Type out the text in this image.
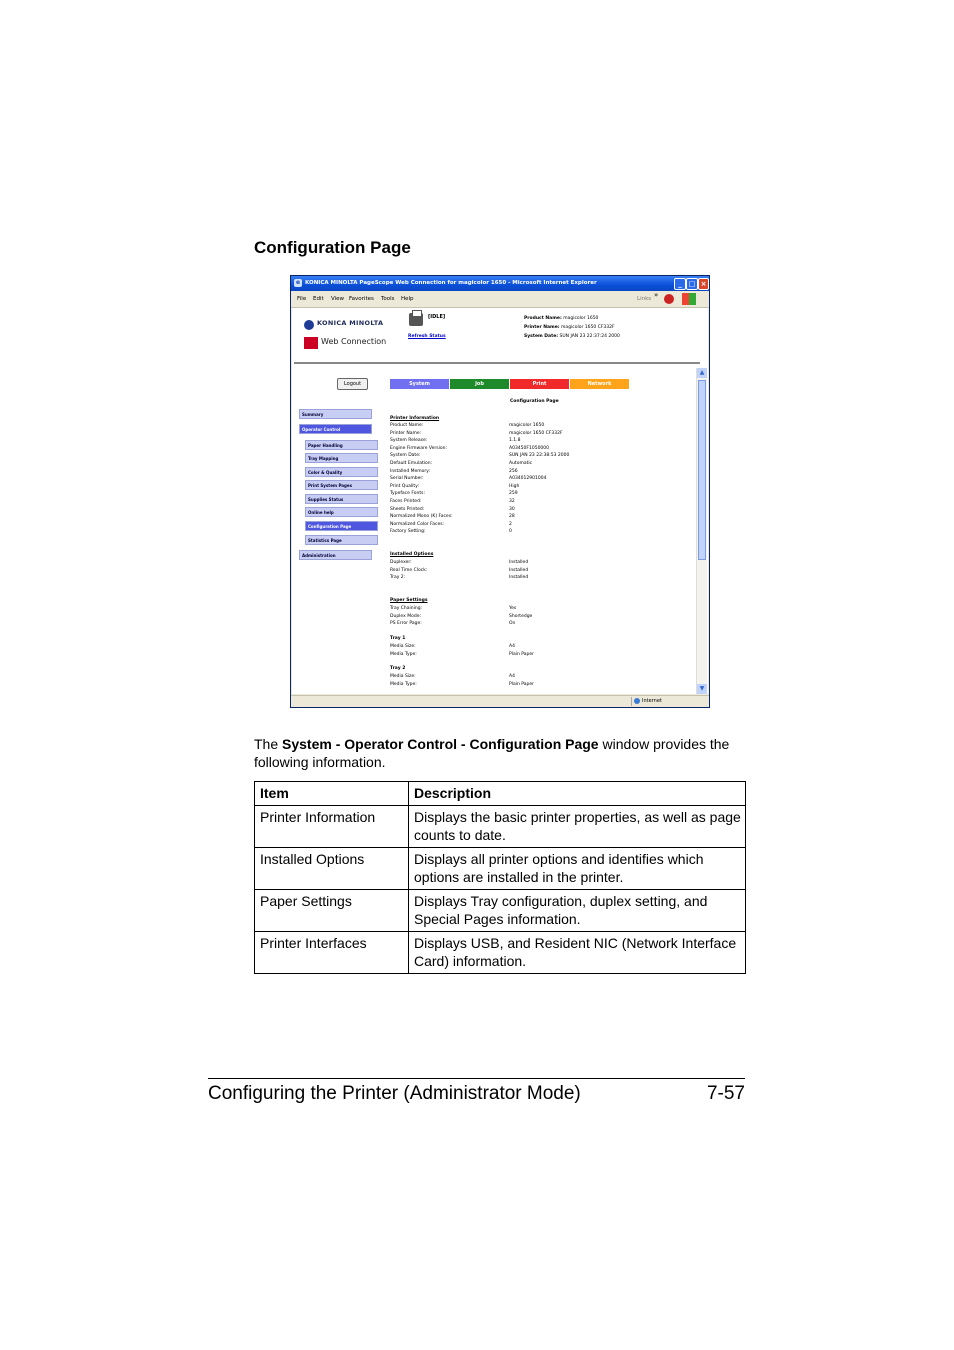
Configuration Page
e KONICA MINOLTA PageScope Web Connection for magicolor 1650 - Microsoft Internet Explorer	_ □ ×
File Edit View Favorites Tools Help	»
Links
KONICA MINOLTA
Web Connection
[IDLE]
Refresh Status
Product Name: magicolor 1650
Printer Name: magicolor 1650 CF332F
System Date: SUN JAN 23 22:37:24 2000
▲
▼
Logout	System	Job	Print	Network
Summary
Operator Control
Paper Handling
Tray Mapping
Color & Quality
Print System Pages
Supplies Status
Online help
Configuration Page
Statistics Page
Administration
Configuration Page
Printer Information
Product Name:	magicolor 1650
Printer Name:	magicolor 1650 CF332F
System Release:	1.1.8
Engine Firmware Version:	A03450F1050000
System Date:	SUN JAN 23 22:38:53 2000
Default Emulation:	Automatic
Installed Memory:	256
Serial Number:	A034012901004
Print Quality:	High
Typeface Fonts:	259
Faces Printed:	32
Sheets Printed:	30
Normalized Mono (K) Faces:	28
Normalized Color Faces:	2
Factory Setting:	0
Installed Options
Duplexer:	Installed
Real Time Clock:	Installed
Tray 2:	Installed
Paper Settings
Tray Chaining:	Yes
Duplex Mode:	Shortedge
PS Error Page:	On
Tray 1
Media Size:	A4
Media Type:	Plain Paper
Tray 2
Media Size:	A4
Media Type:	Plain Paper
Internet
The System - Operator Control - Configuration Page window provides the following information.
Item	Description
Printer Information	Displays the basic printer properties, as well as page counts to date.
Installed Options	Displays all printer options and identifies which options are installed in the printer.
Paper Settings	Displays Tray configuration, duplex setting, and Special Pages information.
Printer Interfaces	Displays USB, and Resident NIC (Network Interface Card) information.
Configuring the Printer (Administrator Mode)	7-57
